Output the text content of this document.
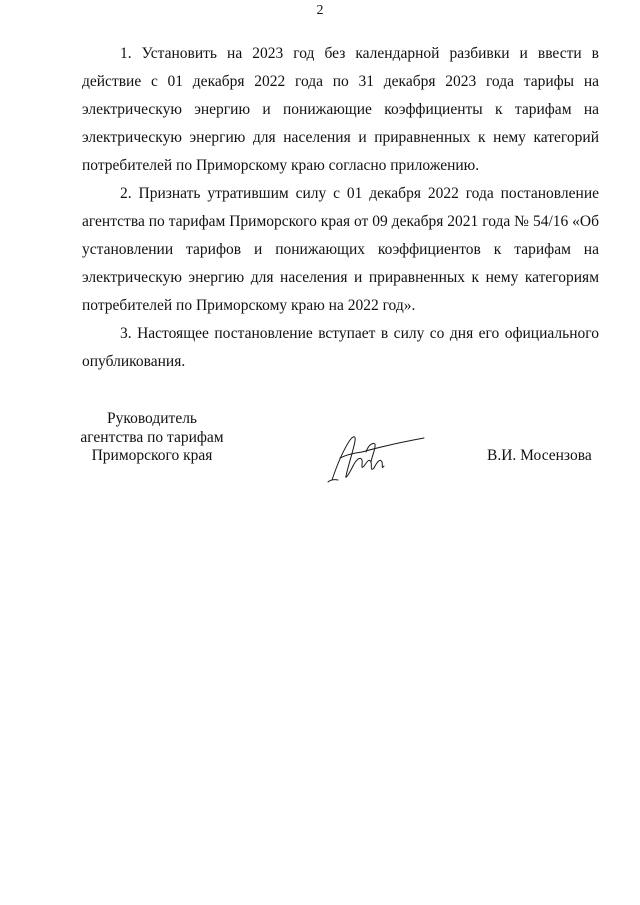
2

1. Установить на 2023 год без календарной разбивки и ввести в действие с 01 декабря 2022 года по 31 декабря 2023 года тарифы на электрическую энергию и понижающие коэффициенты к тарифам на электрическую энергию для населения и приравненных к нему категорий потребителей по Приморскому краю согласно приложению.

2. Признать утратившим силу с 01 декабря 2022 года постановление агентства по тарифам Приморского края от 09 декабря 2021 года № 54/16 «Об установлении тарифов и понижающих коэффициентов к тарифам на электрическую энергию для населения и приравненных к нему категориям потребителей по Приморскому краю на 2022 год».

3. Настоящее постановление вступает в силу со дня его официального опубликования.

Руководитель
агентства по тарифам
Приморского края	В.И. Мосензова
